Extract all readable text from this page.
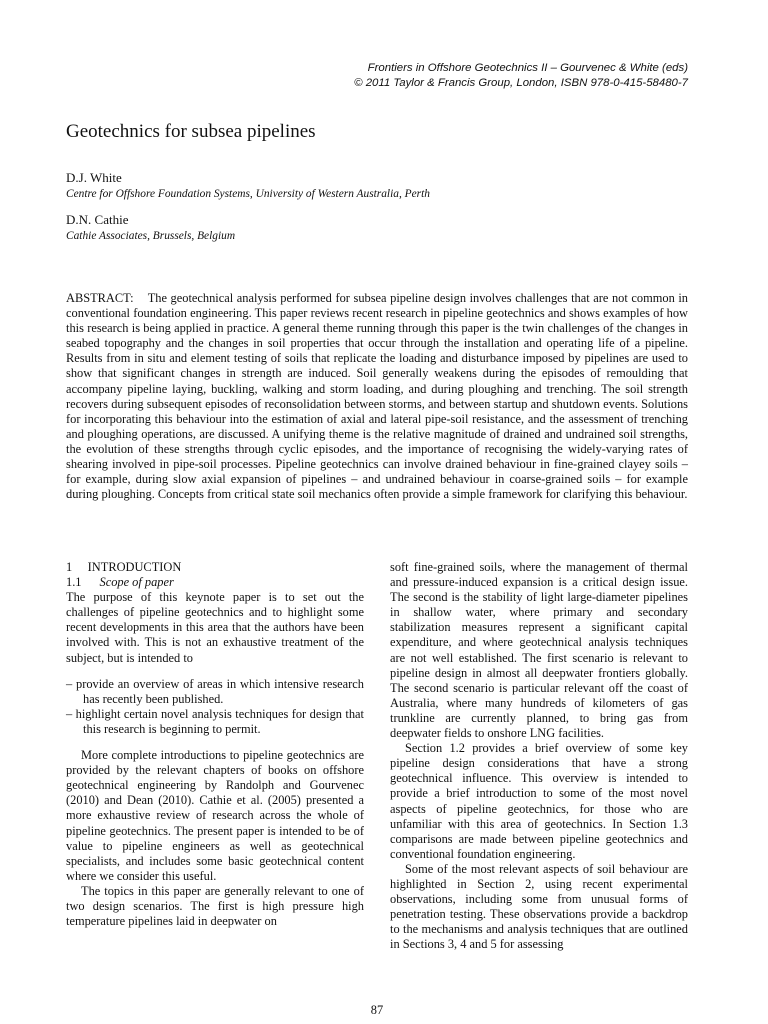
Frontiers in Offshore Geotechnics II – Gourvenec & White (eds)
© 2011 Taylor & Francis Group, London, ISBN 978-0-415-58480-7
Geotechnics for subsea pipelines
D.J. White
Centre for Offshore Foundation Systems, University of Western Australia, Perth
D.N. Cathie
Cathie Associates, Brussels, Belgium
ABSTRACT:    The geotechnical analysis performed for subsea pipeline design involves challenges that are not common in conventional foundation engineering. This paper reviews recent research in pipeline geotechnics and shows examples of how this research is being applied in practice. A general theme running through this paper is the twin challenges of the changes in seabed topography and the changes in soil properties that occur through the installation and operating life of a pipeline. Results from in situ and element testing of soils that replicate the loading and disturbance imposed by pipelines are used to show that significant changes in strength are induced. Soil generally weakens during the episodes of remoulding that accompany pipeline laying, buckling, walking and storm loading, and during ploughing and trenching. The soil strength recovers during subsequent episodes of reconsolidation between storms, and between startup and shutdown events. Solutions for incorporating this behaviour into the estimation of axial and lateral pipe-soil resistance, and the assessment of trenching and ploughing operations, are discussed. A unifying theme is the relative magnitude of drained and undrained soil strengths, the evolution of these strengths through cyclic episodes, and the importance of recognising the widely-varying rates of shearing involved in pipe-soil processes. Pipeline geotechnics can involve drained behaviour in fine-grained clayey soils – for example, during slow axial expansion of pipelines – and undrained behaviour in coarse-grained soils – for example during ploughing. Concepts from critical state soil mechanics often provide a simple framework for clarifying this behaviour.

1     INTRODUCTION

1.1 Scope of paper

The purpose of this keynote paper is to set out the challenges of pipeline geotechnics and to highlight some recent developments in this area that the authors have been involved with. This is not an exhaustive treatment of the subject, but is intended to

– provide an overview of areas in which intensive research has recently been published.

– highlight certain novel analysis techniques for design that this research is beginning to permit.

More complete introductions to pipeline geotechnics are provided by the relevant chapters of books on offshore geotechnical engineering by Randolph and Gourvenec (2010) and Dean (2010). Cathie et al. (2005) presented a more exhaustive review of research across the whole of pipeline geotechnics. The present paper is intended to be of value to pipeline engineers as well as geotechnical specialists, and includes some basic geotechnical content where we consider this useful.

The topics in this paper are generally relevant to one of two design scenarios. The first is high pressure high temperature pipelines laid in deepwater on

soft fine-grained soils, where the management of thermal and pressure-induced expansion is a critical design issue. The second is the stability of light large-diameter pipelines in shallow water, where primary and secondary stabilization measures represent a significant capital expenditure, and where geotechnical analysis techniques are not well established. The first scenario is relevant to pipeline design in almost all deepwater frontiers globally. The second scenario is particular relevant off the coast of Australia, where many hundreds of kilometers of gas trunkline are currently planned, to bring gas from deepwater fields to onshore LNG facilities.

Section 1.2 provides a brief overview of some key pipeline design considerations that have a strong geotechnical influence. This overview is intended to provide a brief introduction to some of the most novel aspects of pipeline geotechnics, for those who are unfamiliar with this area of geotechnics. In Section 1.3 comparisons are made between pipeline geotechnics and conventional foundation engineering.

Some of the most relevant aspects of soil behaviour are highlighted in Section 2, using recent experimental observations, including some from unusual forms of penetration testing. These observations provide a backdrop to the mechanisms and analysis techniques that are outlined in Sections 3, 4 and 5 for assessing

87
